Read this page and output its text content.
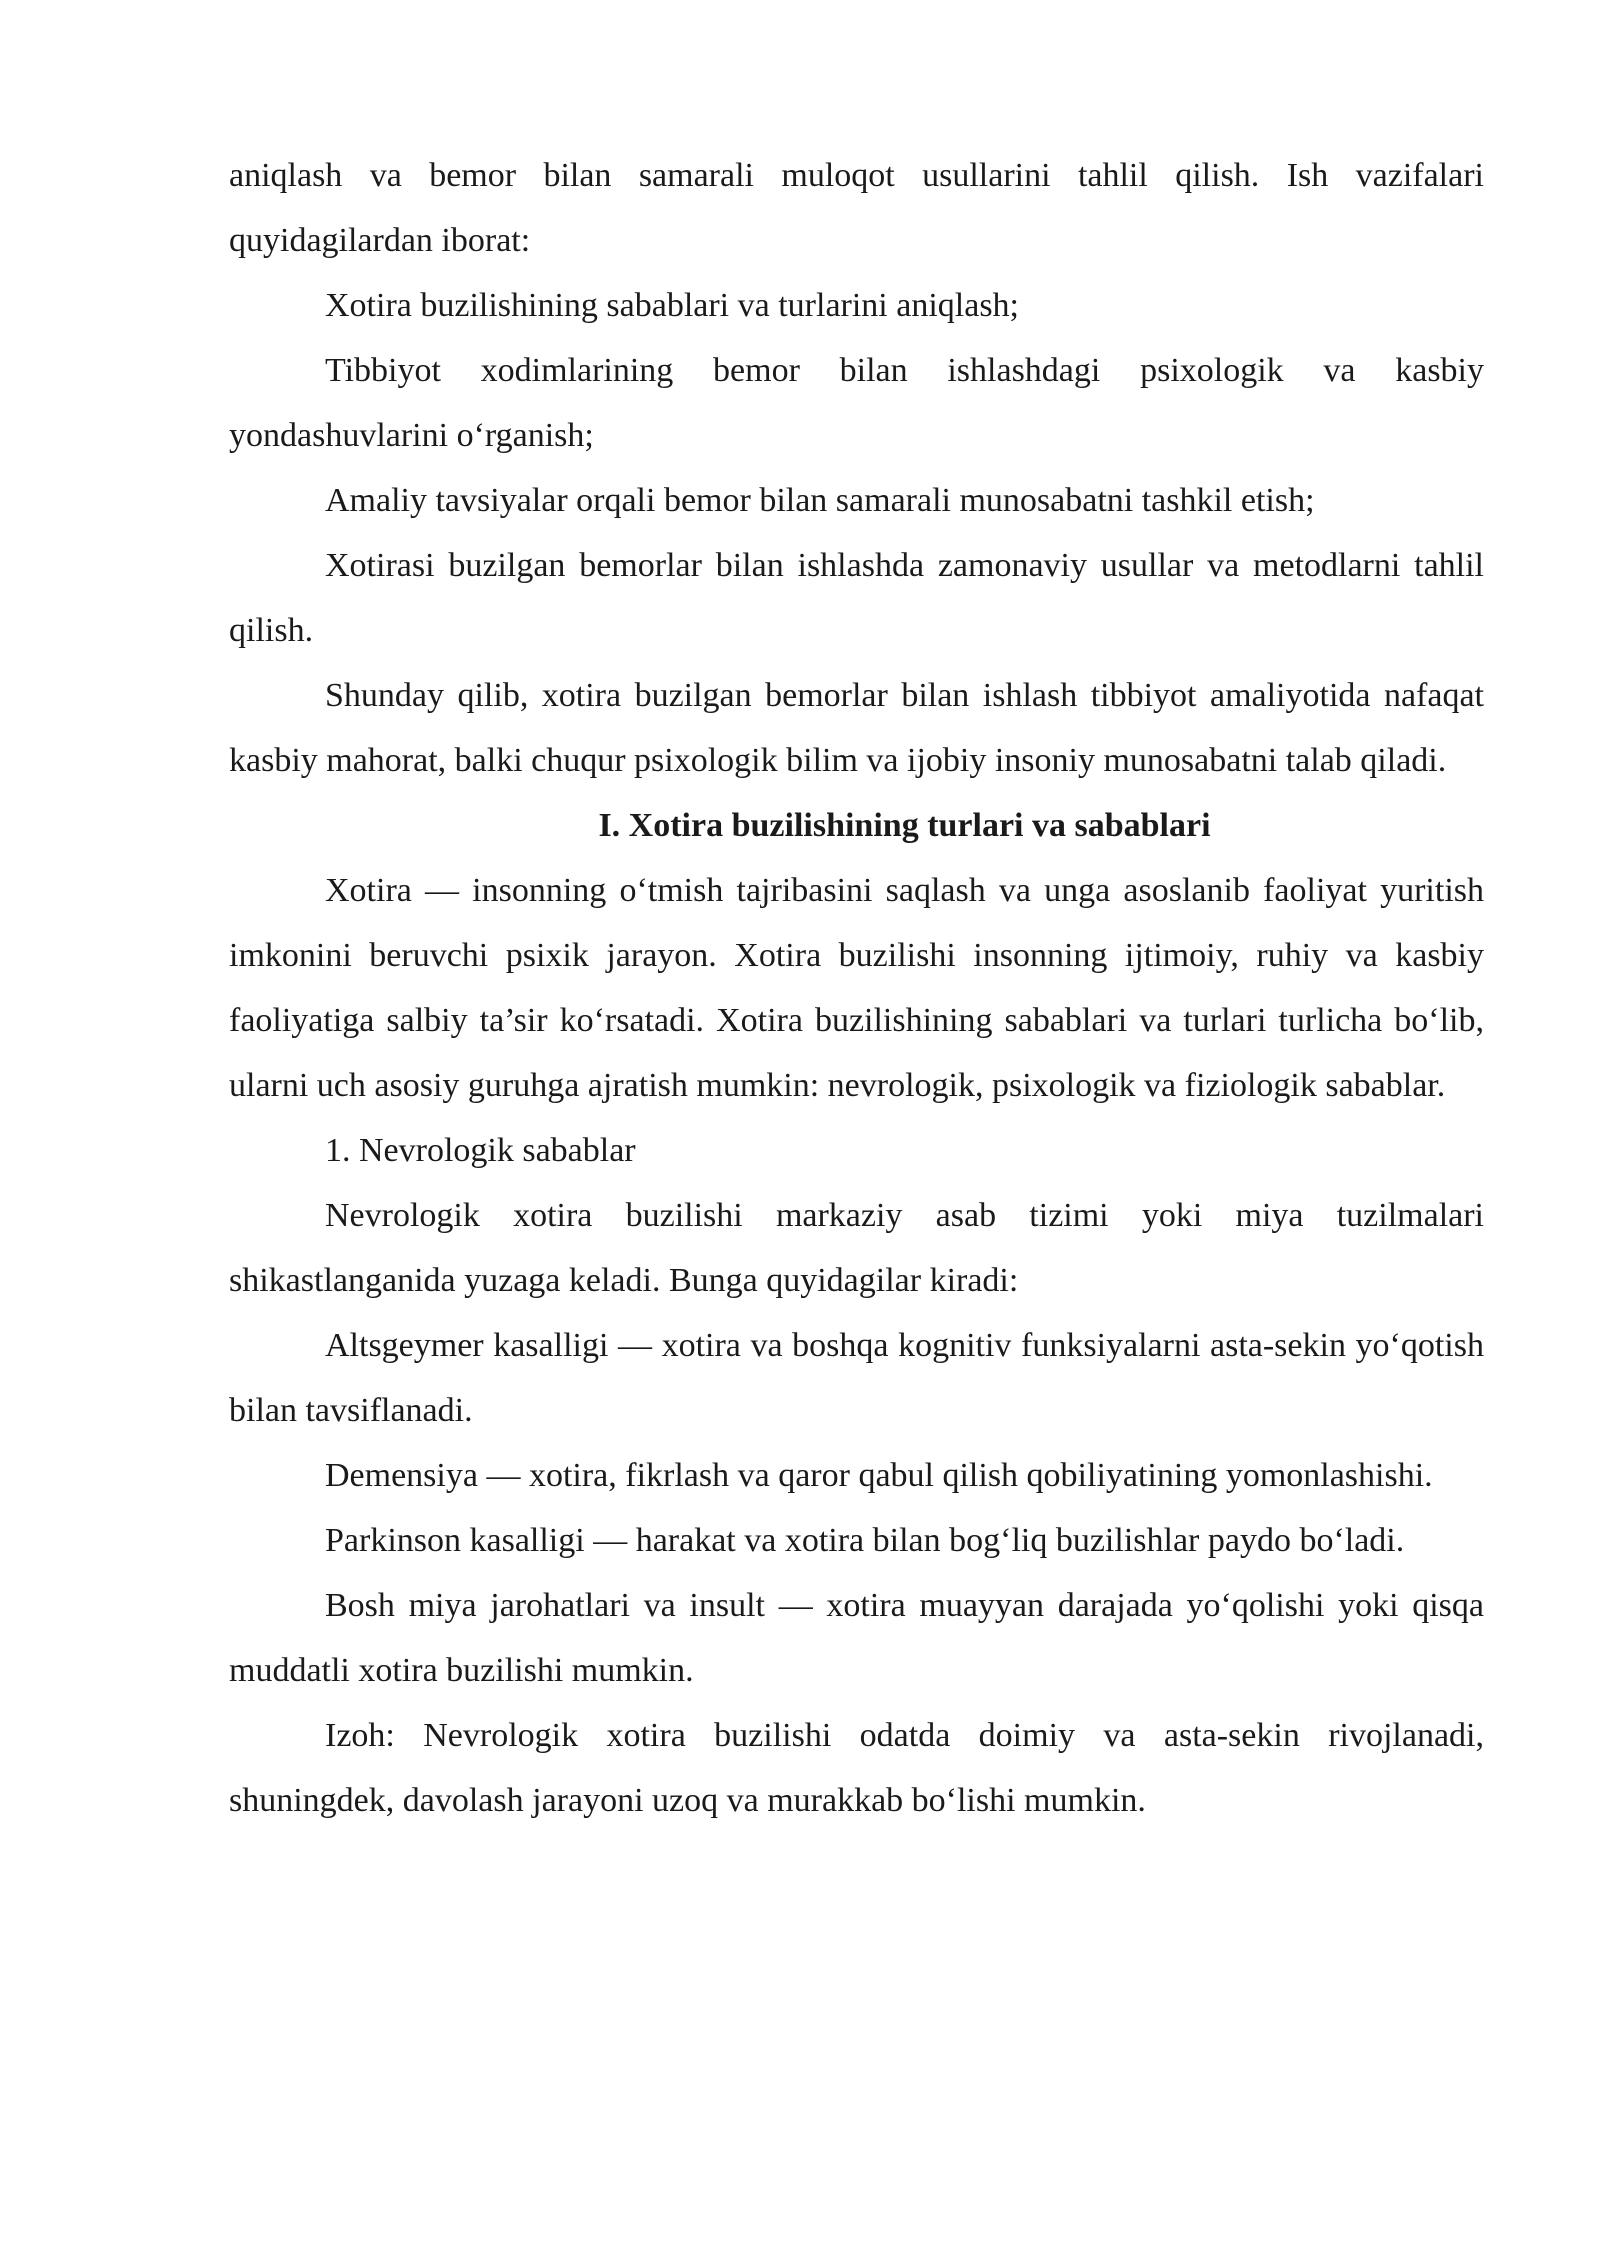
aniqlash va bemor bilan samarali muloqot usullarini tahlil qilish. Ish vazifalari quyidagilardan iborat:

Xotira buzilishining sabablari va turlarini aniqlash;

Tibbiyot xodimlarining bemor bilan ishlashdagi psixologik va kasbiy yondashuvlarini o‘rganish;

Amaliy tavsiyalar orqali bemor bilan samarali munosabatni tashkil etish;

Xotirasi buzilgan bemorlar bilan ishlashda zamonaviy usullar va metodlarni tahlil qilish.

Shunday qilib, xotira buzilgan bemorlar bilan ishlash tibbiyot amaliyotida nafaqat kasbiy mahorat, balki chuqur psixologik bilim va ijobiy insoniy munosabatni talab qiladi.

I. Xotira buzilishining turlari va sabablari

Xotira — insonning o‘tmish tajribasini saqlash va unga asoslanib faoliyat yuritish imkonini beruvchi psixik jarayon. Xotira buzilishi insonning ijtimoiy, ruhiy va kasbiy faoliyatiga salbiy ta’sir ko‘rsatadi. Xotira buzilishining sabablari va turlari turlicha bo‘lib, ularni uch asosiy guruhga ajratish mumkin: nevrologik, psixologik va fiziologik sabablar.

1. Nevrologik sabablar

Nevrologik xotira buzilishi markaziy asab tizimi yoki miya tuzilmalari shikastlanganida yuzaga keladi. Bunga quyidagilar kiradi:

Altsgeymer kasalligi — xotira va boshqa kognitiv funksiyalarni asta-sekin yo‘qotish bilan tavsiflanadi.

Demensiya — xotira, fikrlash va qaror qabul qilish qobiliyatining yomonlashishi.

Parkinson kasalligi — harakat va xotira bilan bog‘liq buzilishlar paydo bo‘ladi.

Bosh miya jarohatlari va insult — xotira muayyan darajada yo‘qolishi yoki qisqa muddatli xotira buzilishi mumkin.

Izoh: Nevrologik xotira buzilishi odatda doimiy va asta-sekin rivojlanadi, shuningdek, davolash jarayoni uzoq va murakkab bo‘lishi mumkin.
